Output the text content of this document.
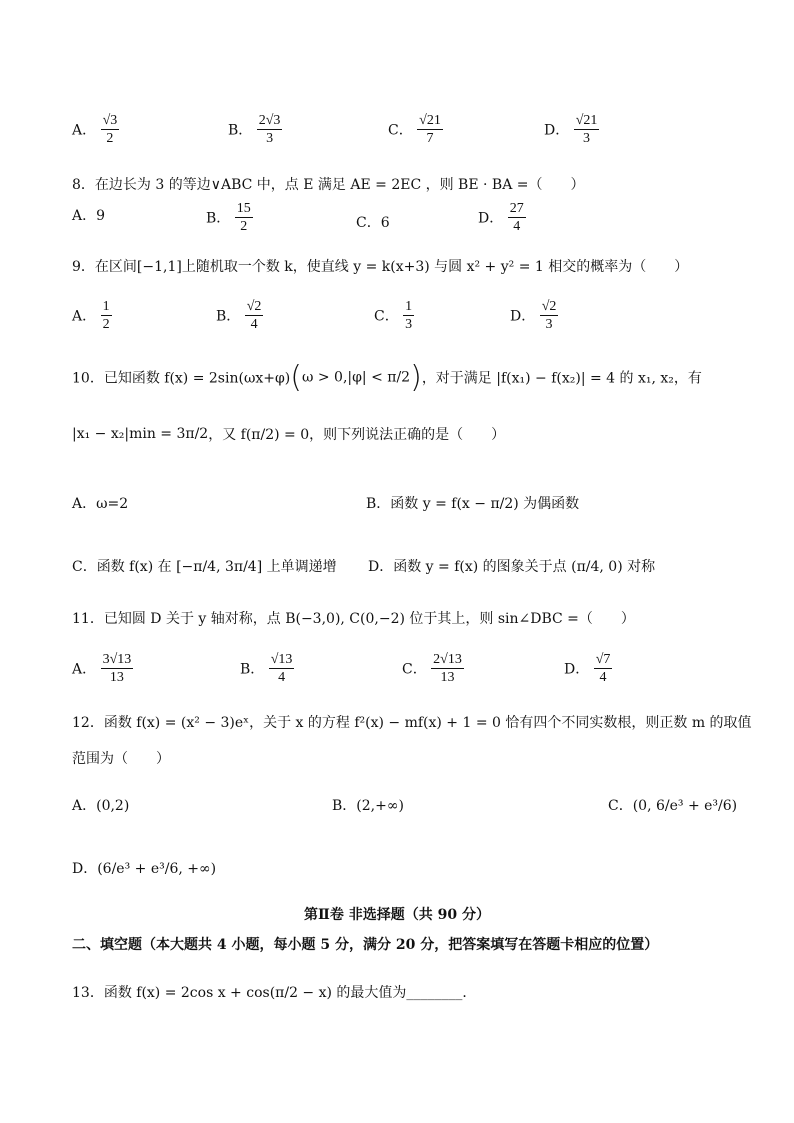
A． $\frac{√3}{2}$	B． $\frac{2√3}{3}$	C． $\frac{√21}{7}$	D． $\frac{√21}{3}$
8．在边长为 3 的等边∨ABC 中，点 E 满足 AE = 2EC ，则 BE · BA =（　　）
A．9	B． $\frac{15}{2}$	C．6	D． $\frac{27}{4}$
9．在区间[−1,1]上随机取一个数 k，使直线 y = k(x+3) 与圆 x² + y² = 1 相交的概率为（　　）
A． $\frac{1}{2}$	B． $\frac{√2}{4}$	C． $\frac{1}{3}$	D． $\frac{√2}{3}$
10．已知函数 f(x) = 2sin(ωx+φ)(ω > 0,|φ| < π/2)，对于满足 |f(x₁) − f(x₂)| = 4 的 x₁, x₂，有
|x₁ − x₂|min = 3π/2，又 f(π/2) = 0，则下列说法正确的是（　　）
A．ω=2	B．函数 y = f(x − π/2) 为偶函数
C．函数 f(x) 在 [−π/4, 3π/4] 上单调递增 D．函数 y = f(x) 的图象关于点 (π/4, 0) 对称
11．已知圆 D 关于 y 轴对称，点 B(−3,0), C(0,−2) 位于其上，则 sin∠DBC =（　　）
A． $\frac{3√13}{13}$	B． $\frac{√13}{4}$	C． $\frac{2√13}{13}$	D． $\frac{√7}{4}$
12．函数 f(x) = (x² − 3)eˣ，关于 x 的方程 f²(x) − mf(x) + 1 = 0 恰有四个不同实数根，则正数 m 的取值
范围为（　　）
A．(0,2)	B．(2,+∞)	C．(0, 6/e³ + e³/6)
D．(6/e³ + e³/6, +∞)
第Ⅱ卷 非选择题（共 90 分）
二、填空题（本大题共 4 小题，每小题 5 分，满分 20 分，把答案填写在答题卡相应的位置）
13．函数 f(x) = 2cos x + cos(π/2 − x) 的最大值为________．
